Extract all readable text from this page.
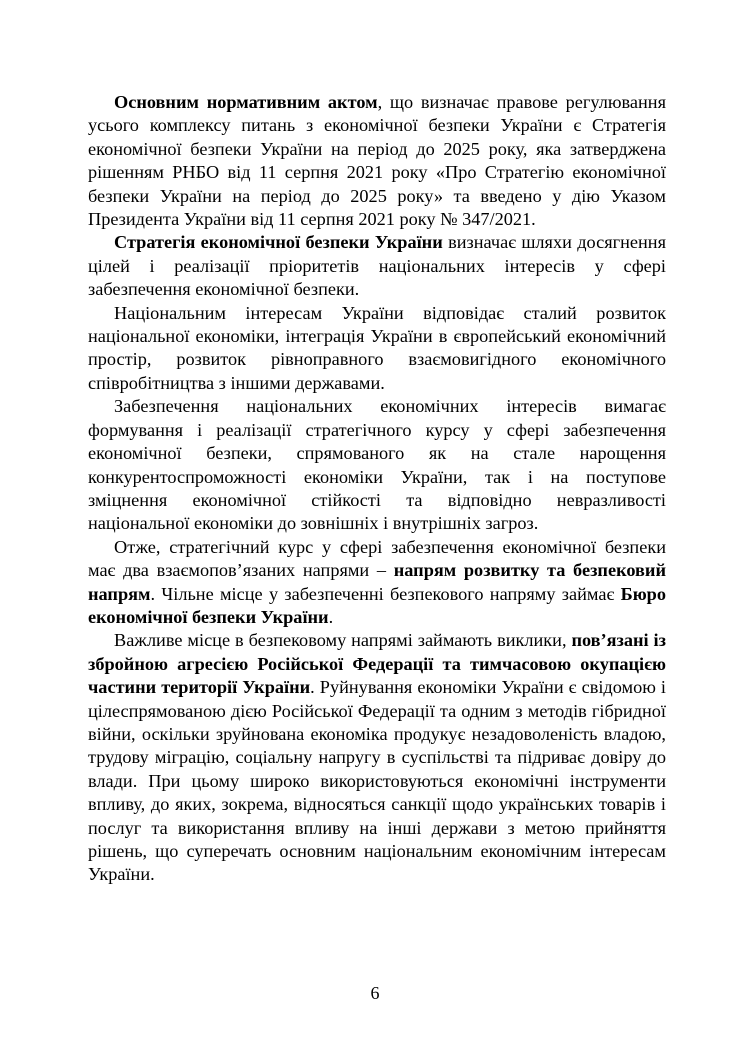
Основним нормативним актом, що визначає правове регулювання усього комплексу питань з економічної безпеки України є Стратегія економічної безпеки України на період до 2025 року, яка затверджена рішенням РНБО від 11 серпня 2021 року «Про Стратегію економічної безпеки України на період до 2025 року» та введено у дію Указом Президента України від 11 серпня 2021 року № 347/2021.

Стратегія економічної безпеки України визначає шляхи досягнення цілей і реалізації пріоритетів національних інтересів у сфері забезпечення економічної безпеки.

Національним інтересам України відповідає сталий розвиток національної економіки, інтеграція України в європейський економічний простір, розвиток рівноправного взаємовигідного економічного співробітництва з іншими державами.

Забезпечення національних економічних інтересів вимагає формування і реалізації стратегічного курсу у сфері забезпечення економічної безпеки, спрямованого як на стале нарощення конкурентоспроможності економіки України, так і на поступове зміцнення економічної стійкості та відповідно невразливості національної економіки до зовнішніх і внутрішніх загроз.

Отже, стратегічний курс у сфері забезпечення економічної безпеки має два взаємопов’язаних напрями – напрям розвитку та безпековий напрям. Чільне місце у забезпеченні безпекового напряму займає Бюро економічної безпеки України.

Важливе місце в безпековому напрямі займають виклики, пов’язані із збройною агресією Російської Федерації та тимчасовою окупацією частини території України. Руйнування економіки України є свідомою і цілеспрямованою дією Російської Федерації та одним з методів гібридної війни, оскільки зруйнована економіка продукує незадоволеність владою, трудову міграцію, соціальну напругу в суспільстві та підриває довіру до влади. При цьому широко використовуються економічні інструменти впливу, до яких, зокрема, відносяться санкції щодо українських товарів і послуг та використання впливу на інші держави з метою прийняття рішень, що суперечать основним національним економічним інтересам України.

6
